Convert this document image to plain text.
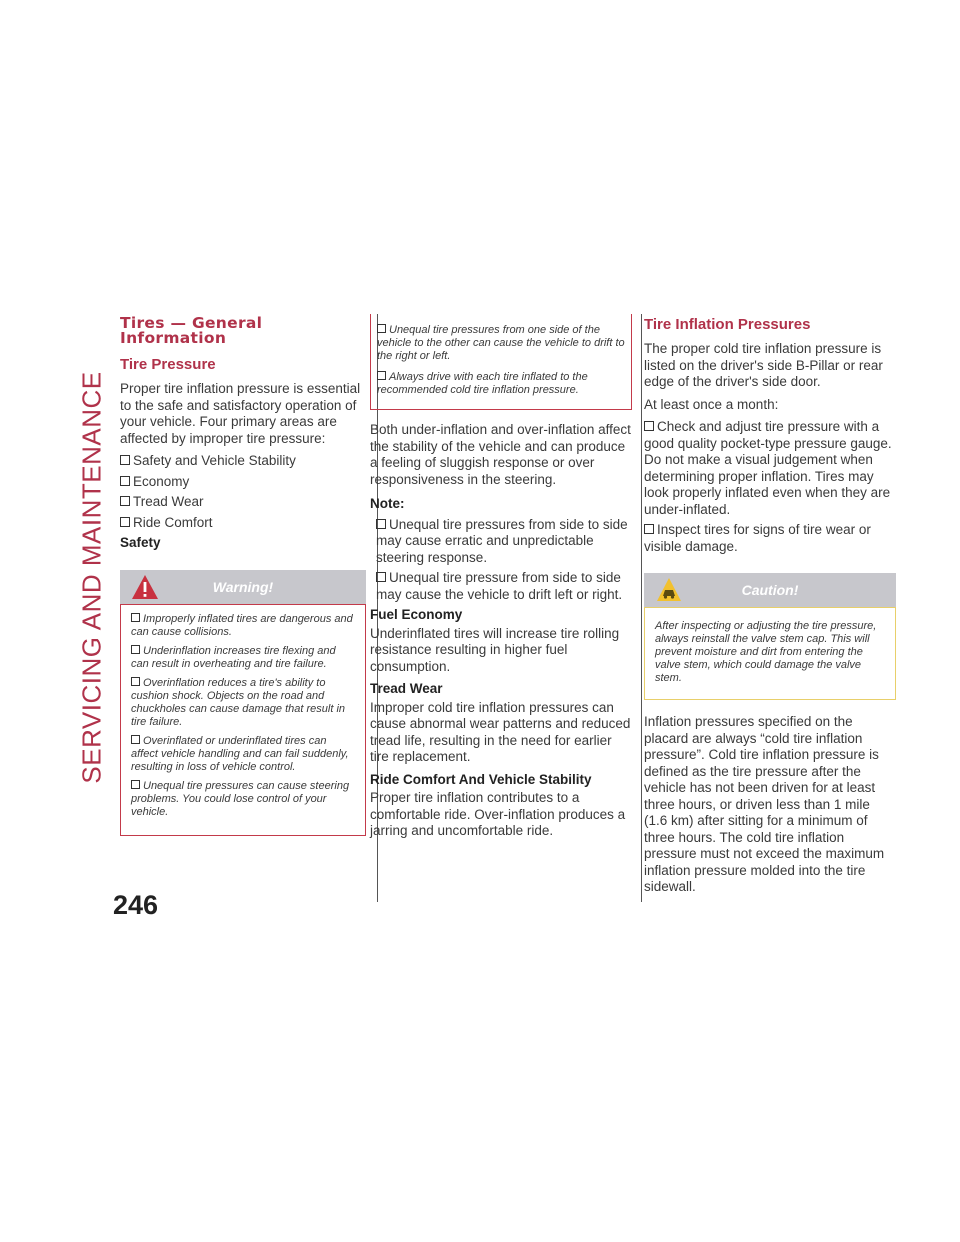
SERVICING AND MAINTENANCE
246
Tires — General Information
Tire Pressure

Proper tire inflation pressure is essential to the safe and satisfactory operation of your vehicle. Four primary areas are affected by improper tire pressure:

Safety and Vehicle Stability
Economy
Tread Wear
Ride Comfort
Safety
Warning!
Improperly inflated tires are dangerous and can cause collisions.
Underinflation increases tire flexing and can result in overheating and tire failure.
Overinflation reduces a tire's ability to cushion shock. Objects on the road and chuckholes can cause damage that result in tire failure.
Overinflated or underinflated tires can affect vehicle handling and can fail suddenly, resulting in loss of vehicle control.
Unequal tire pressures can cause steering problems. You could lose control of your vehicle.
Unequal tire pressures from one side of the vehicle to the other can cause the vehicle to drift to the right or left.
Always drive with each tire inflated to the recommended cold tire inflation pressure.

Both under-inflation and over-inflation affect the stability of the vehicle and can produce a feeling of sluggish response or over responsiveness in the steering.

Note:
Unequal tire pressures from side to side may cause erratic and unpredictable steering response.
Unequal tire pressure from side to side may cause the vehicle to drift left or right.
Fuel Economy

Underinflated tires will increase tire rolling resistance resulting in higher fuel consumption.

Tread Wear

Improper cold tire inflation pressures can cause abnormal wear patterns and reduced tread life, resulting in the need for earlier tire replacement.

Ride Comfort And Vehicle Stability

Proper tire inflation contributes to a comfortable ride. Over-inflation produces a jarring and uncomfortable ride.

Tire Inflation Pressures

The proper cold tire inflation pressure is listed on the driver's side B-Pillar or rear edge of the driver's side door.

At least once a month:

Check and adjust tire pressure with a good quality pocket-type pressure gauge. Do not make a visual judgement when determining proper inflation. Tires may look properly inflated even when they are under-inflated.
Inspect tires for signs of tire wear or visible damage.
Caution!

After inspecting or adjusting the tire pressure, always reinstall the valve stem cap. This will prevent moisture and dirt from entering the valve stem, which could damage the valve stem.

Inflation pressures specified on the placard are always “cold tire inflation pressure”. Cold tire inflation pressure is defined as the tire pressure after the vehicle has not been driven for at least three hours, or driven less than 1 mile (1.6 km) after sitting for a minimum of three hours. The cold tire inflation pressure must not exceed the maximum inflation pressure molded into the tire sidewall.
